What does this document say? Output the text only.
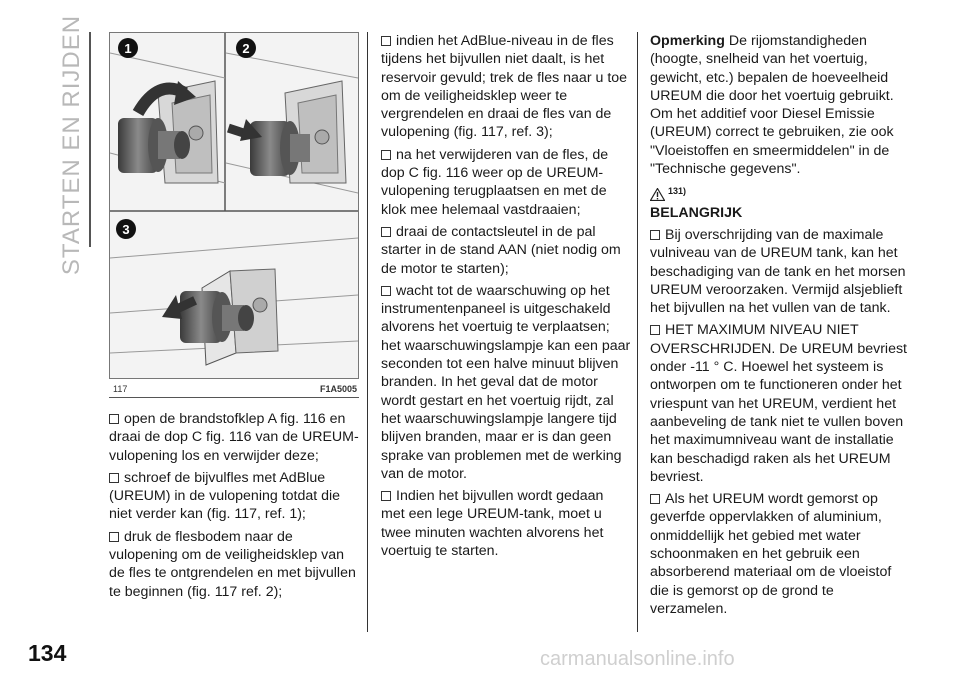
STARTEN EN RIJDEN
134
1	2
3
117	F1A5005

open de brandstofklep A fig. 116 en draai de dop C fig. 116 van de UREUM-vulopening los en verwijder deze;

schroef de bijvulfles met AdBlue (UREUM) in de vulopening totdat die niet verder kan (fig. 117, ref. 1);

druk de flesbodem naar de vulopening om de veiligheidsklep van de fles te ontgrendelen en met bijvullen te beginnen (fig. 117 ref. 2);

indien het AdBlue-niveau in de fles tijdens het bijvullen niet daalt, is het reservoir gevuld; trek de fles naar u toe om de veiligheidsklep weer te vergrendelen en draai de fles van de vulopening (fig. 117, ref. 3);

na het verwijderen van de fles, de dop C fig. 116 weer op de UREUM-vulopening terugplaatsen en met de klok mee helemaal vastdraaien;

draai de contactsleutel in de pal starter in de stand AAN (niet nodig om de motor te starten);

wacht tot de waarschuwing op het instrumentenpaneel is uitgeschakeld alvorens het voertuig te verplaatsen; het waarschuwingslampje kan een paar seconden tot een halve minuut blijven branden. In het geval dat de motor wordt gestart en het voertuig rijdt, zal het waarschuwingslampje langere tijd blijven branden, maar er is dan geen sprake van problemen met de werking van de motor.

Indien het bijvullen wordt gedaan met een lege UREUM-tank, moet u twee minuten wachten alvorens het voertuig te starten.

Opmerking De rijomstandigheden (hoogte, snelheid van het voertuig, gewicht, etc.) bepalen de hoeveelheid UREUM die door het voertuig gebruikt. Om het additief voor Diesel Emissie (UREUM) correct te gebruiken, zie ook "Vloeistoffen en smeermiddelen" in de "Technische gegevens".

131)
BELANGRIJK

Bij overschrijding van de maximale vulniveau van de UREUM tank, kan het beschadiging van de tank en het morsen UREUM veroorzaken. Vermijd alsjeblieft het bijvullen na het vullen van de tank.

HET MAXIMUM NIVEAU NIET OVERSCHRIJDEN. De UREUM bevriest onder -11 ° C. Hoewel het systeem is ontworpen om te functioneren onder het vriespunt van het UREUM, verdient het aanbeveling de tank niet te vullen boven het maximumniveau want de installatie kan beschadigd raken als het UREUM bevriest.

Als het UREUM wordt gemorst op geverfde oppervlakken of aluminium, onmiddellijk het gebied met water schoonmaken en het gebruik een absorberend materiaal om de vloeistof die is gemorst op de grond te verzamelen.

carmanualsonline.info
